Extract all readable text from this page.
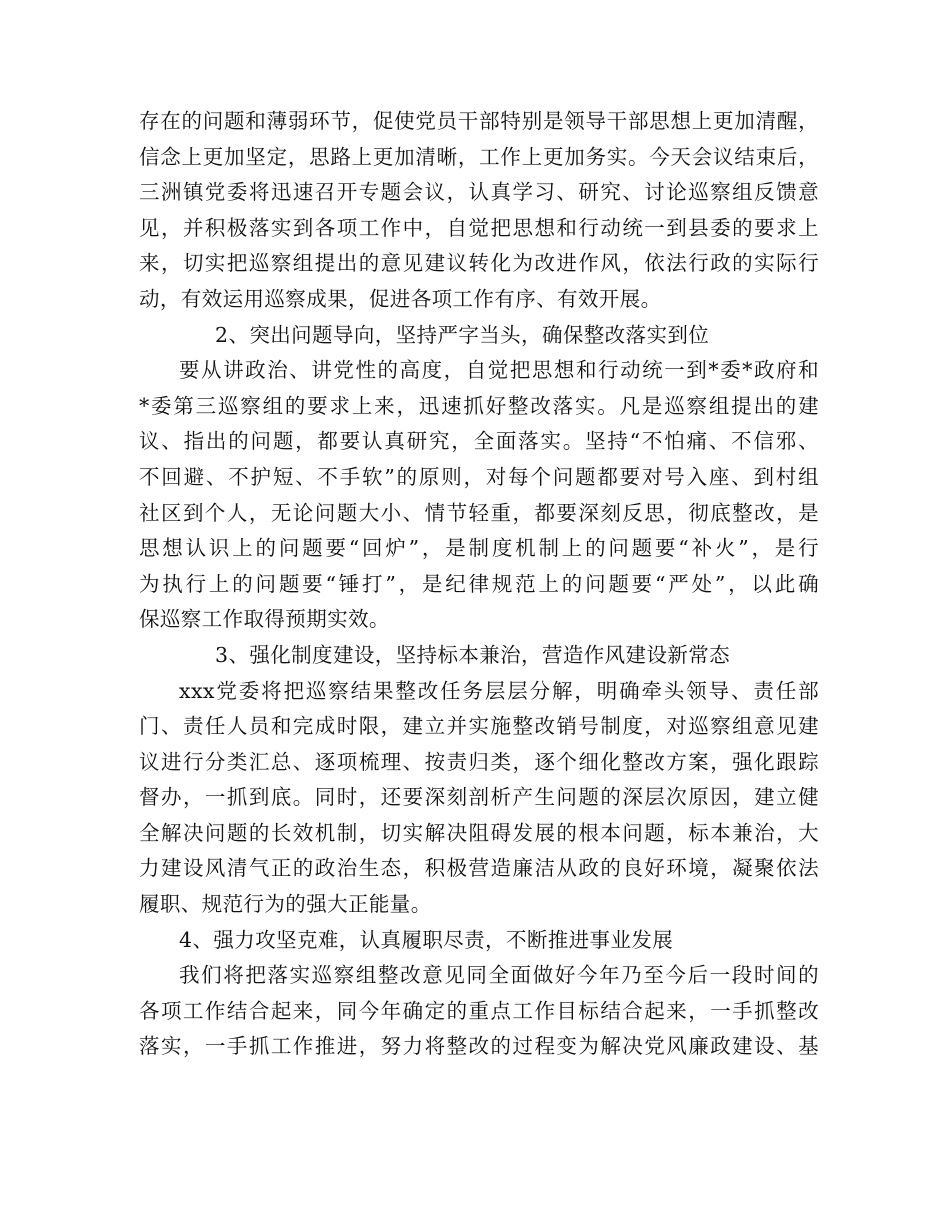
存在的问题和薄弱环节，促使党员干部特别是领导干部思想上更加清醒，
信念上更加坚定，思路上更加清晰，工作上更加务实。今天会议结束后，
三洲镇党委将迅速召开专题会议，认真学习、研究、讨论巡察组反馈意
见，并积极落实到各项工作中，自觉把思想和行动统一到县委的要求上
来，切实把巡察组提出的意见建议转化为改进作风，依法行政的实际行
动，有效运用巡察成果，促进各项工作有序、有效开展。
2、突出问题导向，坚持严字当头，确保整改落实到位
要从讲政治、讲党性的高度，自觉把思想和行动统一到*委*政府和
*委第三巡察组的要求上来，迅速抓好整改落实。凡是巡察组提出的建
议、指出的问题，都要认真研究，全面落实。坚持“不怕痛、不信邪、
不回避、不护短、不手软”的原则，对每个问题都要对号入座、到村组
社区到个人，无论问题大小、情节轻重，都要深刻反思，彻底整改，是
思想认识上的问题要“回炉”，是制度机制上的问题要“补火”，是行
为执行上的问题要“锤打”，是纪律规范上的问题要“严处”，以此确
保巡察工作取得预期实效。
3、强化制度建设，坚持标本兼治，营造作风建设新常态
xxx党委将把巡察结果整改任务层层分解，明确牵头领导、责任部
门、责任人员和完成时限，建立并实施整改销号制度，对巡察组意见建
议进行分类汇总、逐项梳理、按责归类，逐个细化整改方案，强化跟踪
督办，一抓到底。同时，还要深刻剖析产生问题的深层次原因，建立健
全解决问题的长效机制，切实解决阻碍发展的根本问题，标本兼治，大
力建设风清气正的政治生态，积极营造廉洁从政的良好环境，凝聚依法
履职、规范行为的强大正能量。
4、强力攻坚克难，认真履职尽责，不断推进事业发展
我们将把落实巡察组整改意见同全面做好今年乃至今后一段时间的
各项工作结合起来，同今年确定的重点工作目标结合起来，一手抓整改
落实，一手抓工作推进，努力将整改的过程变为解决党风廉政建设、基
